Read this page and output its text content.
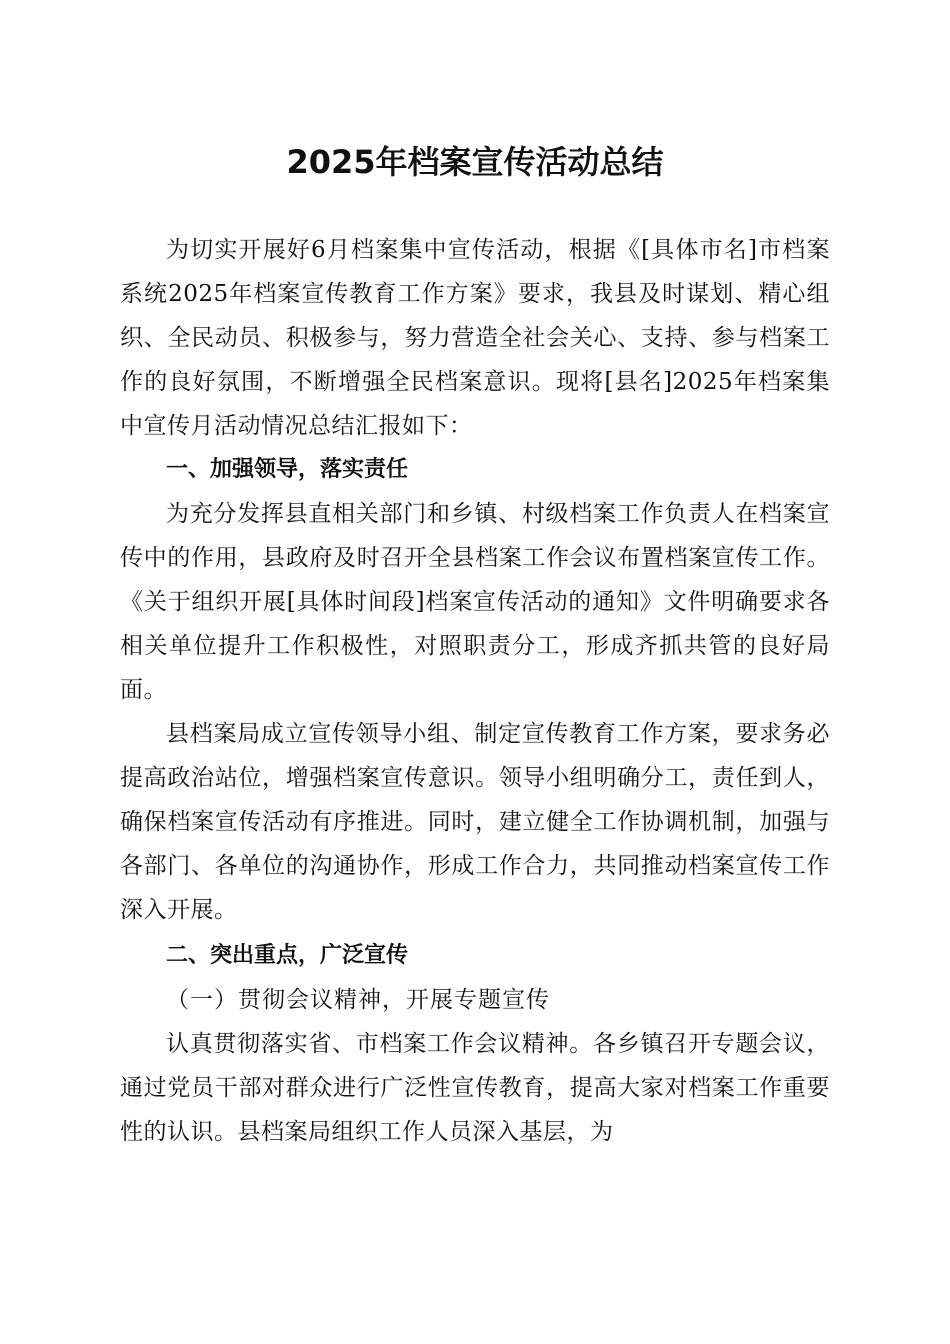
2025年档案宣传活动总结

为切实开展好6月档案集中宣传活动，根据《[具体市名]市档案系统2025年档案宣传教育工作方案》要求，我县及时谋划、精心组织、全民动员、积极参与，努力营造全社会关心、支持、参与档案工作的良好氛围，不断增强全民档案意识。现将[县名]2025年档案集中宣传月活动情况总结汇报如下：

一、加强领导，落实责任

为充分发挥县直相关部门和乡镇、村级档案工作负责人在档案宣传中的作用，县政府及时召开全县档案工作会议布置档案宣传工作。《关于组织开展[具体时间段]档案宣传活动的通知》文件明确要求各相关单位提升工作积极性，对照职责分工，形成齐抓共管的良好局面。

县档案局成立宣传领导小组、制定宣传教育工作方案，要求务必提高政治站位，增强档案宣传意识。领导小组明确分工，责任到人，确保档案宣传活动有序推进。同时，建立健全工作协调机制，加强与各部门、各单位的沟通协作，形成工作合力，共同推动档案宣传工作深入开展。

二、突出重点，广泛宣传

（一）贯彻会议精神，开展专题宣传

认真贯彻落实省、市档案工作会议精神。各乡镇召开专题会议，通过党员干部对群众进行广泛性宣传教育，提高大家对档案工作重要性的认识。县档案局组织工作人员深入基层，为
